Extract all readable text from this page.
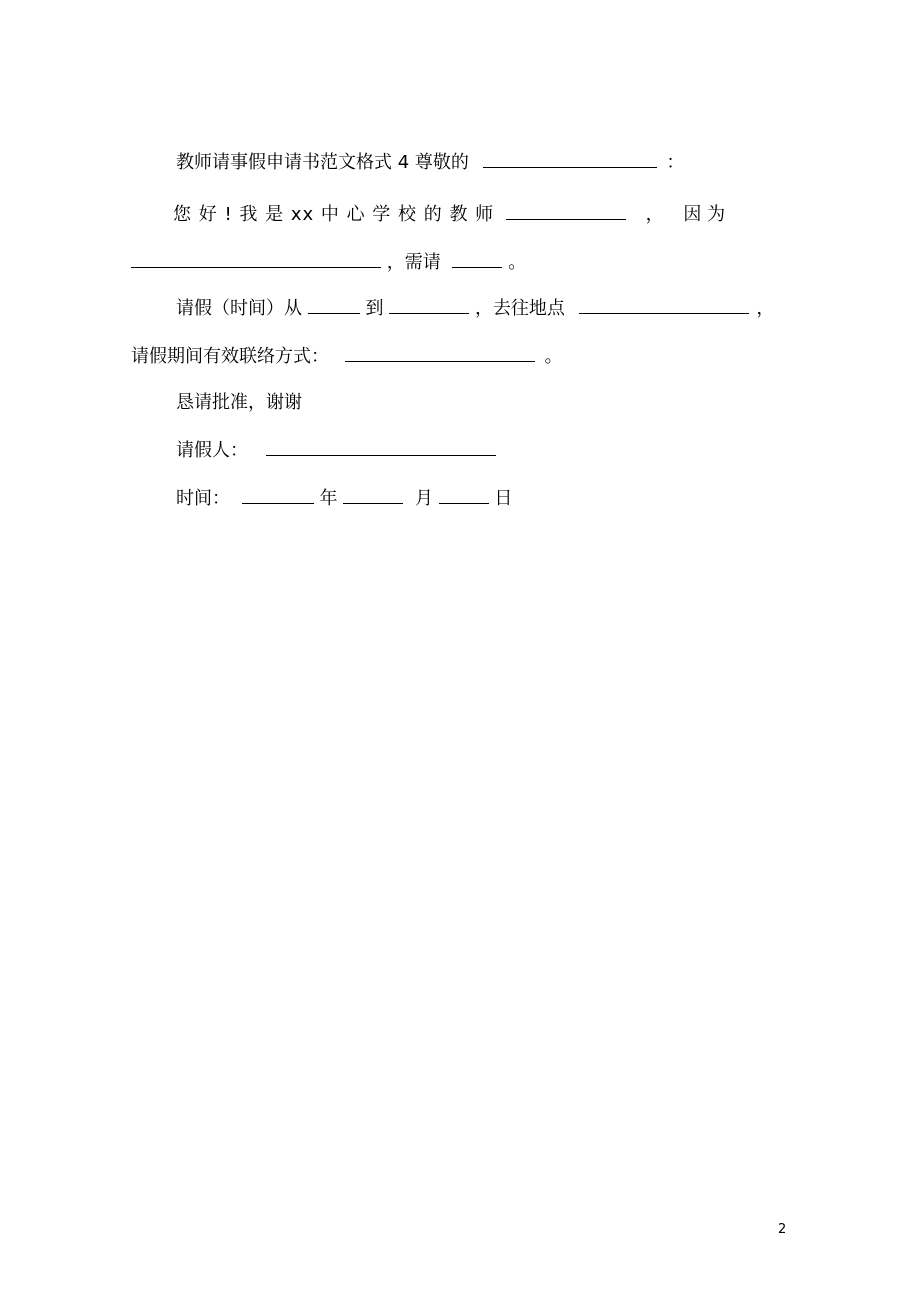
教师请事假申请书范文格式 4 尊敬的	：
您 好 ! 我 是 xx 中 心 学 校 的 教 师	， 因 为
，需请	。
请假（时间）从	到	，去往地点	，
请假期间有效联络方式：	。
恳请批准，谢谢
请假人：
时间：	年	月	日
2
